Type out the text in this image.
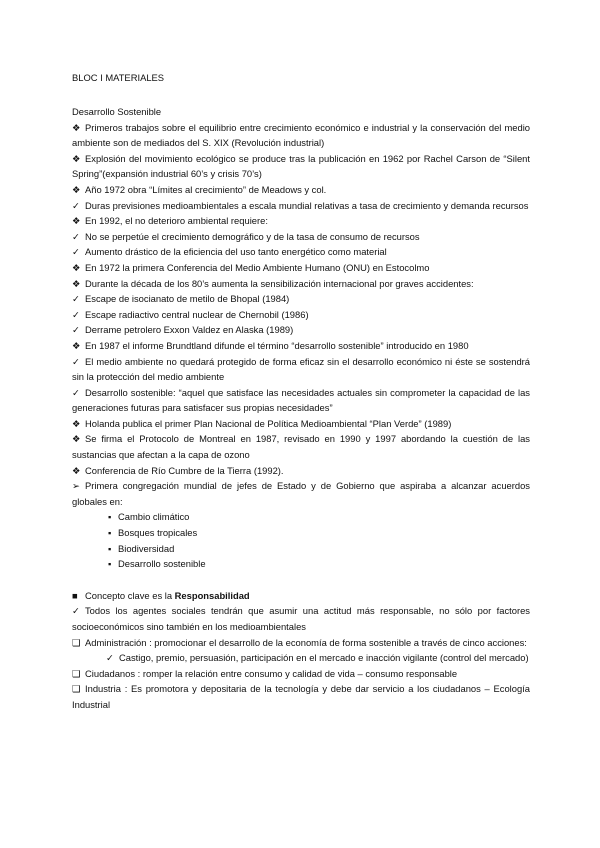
BLOC I MATERIALES

Desarrollo Sostenible

❖ Primeros trabajos sobre el equilibrio entre crecimiento económico e industrial y la conservación del medio ambiente son de mediados del S. XIX (Revolución industrial)

❖ Explosión del movimiento ecológico se produce tras la publicación en 1962 por Rachel Carson de “Silent Spring”(expansión industrial 60’s y crisis 70’s)

❖ Año 1972 obra “Límites al crecimiento” de Meadows y col.

✓ Duras previsiones medioambientales a escala mundial relativas a tasa de crecimiento y demanda recursos

❖ En 1992, el no deterioro ambiental requiere:

✓ No se perpetúe el crecimiento demográfico y de la tasa de consumo de recursos

✓ Aumento drástico de la eficiencia del uso tanto energético como material

❖ En 1972 la primera Conferencia del Medio Ambiente Humano (ONU) en Estocolmo

❖ Durante la década de los 80’s aumenta la sensibilización internacional por graves accidentes:

✓ Escape de isocianato de metilo de Bhopal (1984)

✓ Escape radiactivo central nuclear de Chernobil (1986)

✓ Derrame petrolero Exxon Valdez en Alaska (1989)

❖ En 1987 el informe Brundtland difunde el término “desarrollo sostenible” introducido en 1980

✓ El medio ambiente no quedará protegido de forma eficaz sin el desarrollo económico ni éste se sostendrá sin la protección del medio ambiente

✓ Desarrollo sostenible: “aquel que satisface las necesidades actuales sin comprometer la capacidad de las generaciones futuras para satisfacer sus propias necesidades”

❖ Holanda publica el primer Plan Nacional de Política Medioambiental “Plan Verde” (1989)

❖ Se firma el Protocolo de Montreal en 1987, revisado en 1990 y 1997 abordando la cuestión de las sustancias que afectan a la capa de ozono

❖ Conferencia de Río Cumbre de la Tierra (1992).

➢ Primera congregación mundial de jefes de Estado y de Gobierno que aspiraba a alcanzar acuerdos globales en:

▪ Cambio climático

▪ Bosques tropicales

▪ Biodiversidad

▪ Desarrollo sostenible

■ Concepto clave es la Responsabilidad

✓ Todos los agentes sociales tendrán que asumir una actitud más responsable, no sólo por factores socioeconómicos sino también en los medioambientales

❑ Administración : promocionar el desarrollo de la economía de forma sostenible a través de cinco acciones:

✓ Castigo, premio, persuasión, participación en el mercado e inacción vigilante (control del mercado)

❑ Ciudadanos : romper la relación entre consumo y calidad de vida – consumo responsable

❑ Industria : Es promotora y depositaria de la tecnología y debe dar servicio a los ciudadanos – Ecología Industrial
